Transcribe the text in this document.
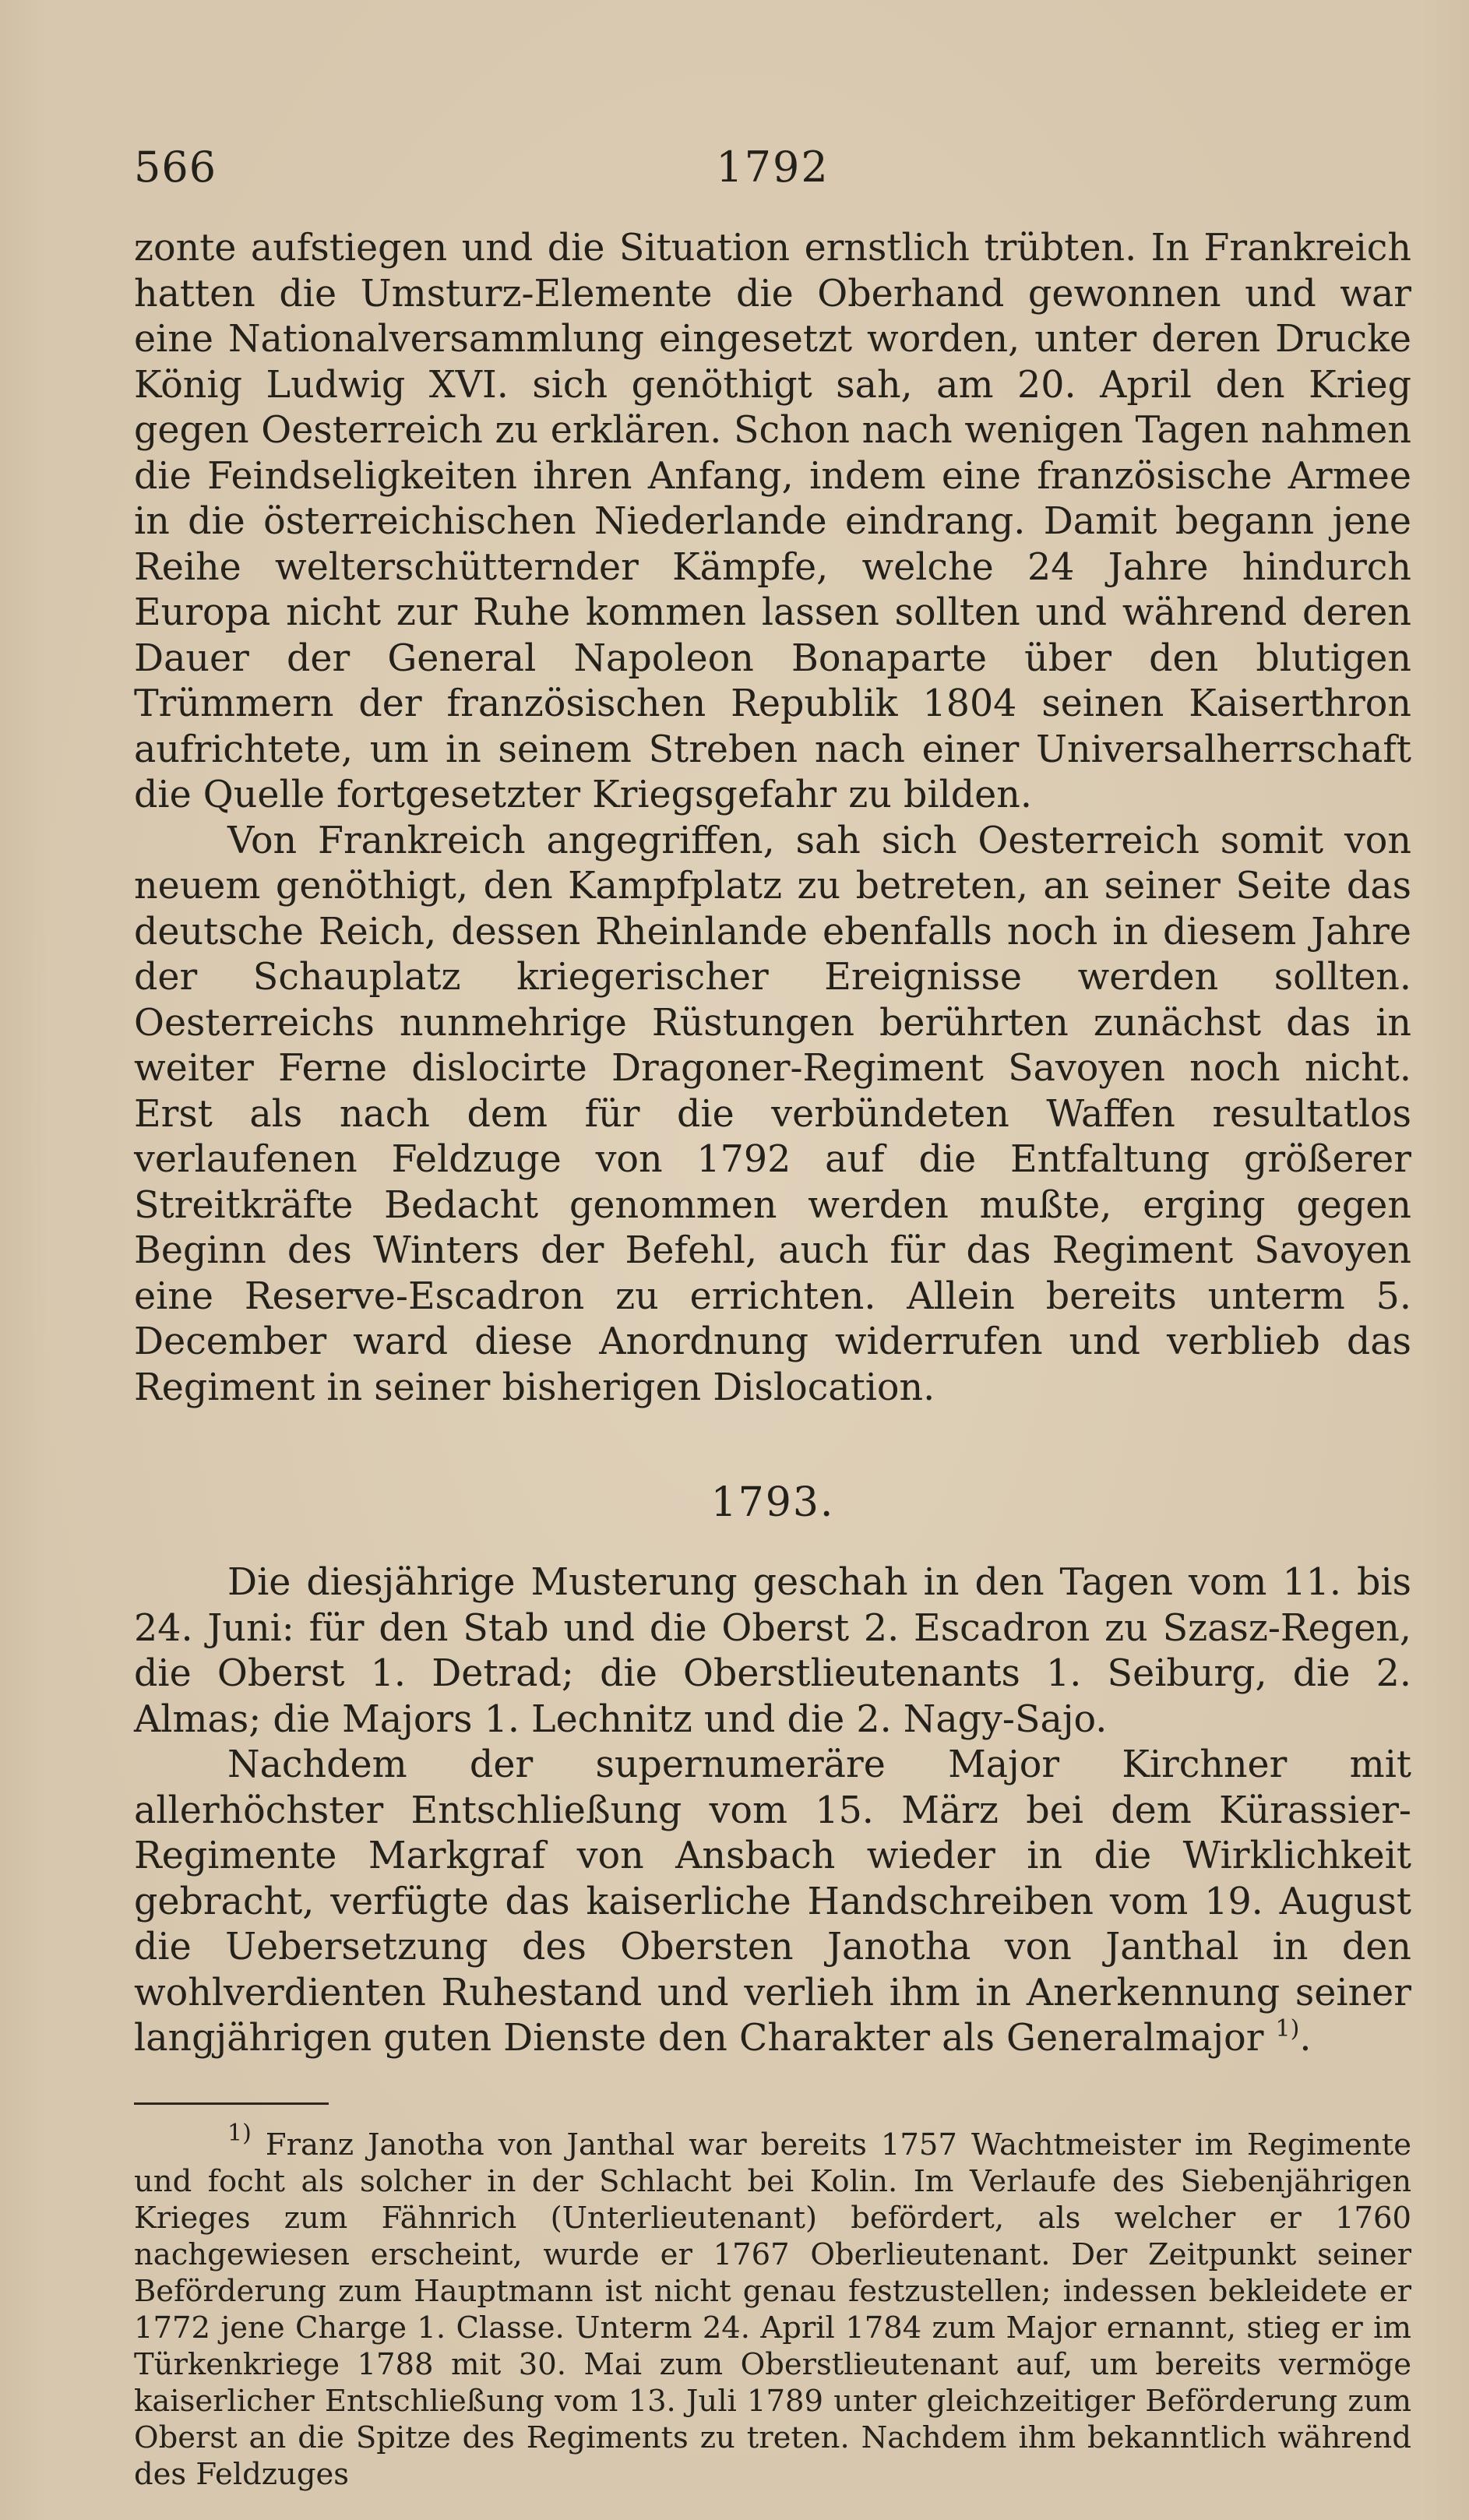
566	1792

zonte aufstiegen und die Situation ernstlich trübten. In Frankreich hatten die Umsturz-Elemente die Oberhand gewonnen und war eine Nationalversammlung eingesetzt worden, unter deren Drucke König Ludwig XVI. sich genöthigt sah, am 20. April den Krieg gegen Oesterreich zu erklären. Schon nach wenigen Tagen nahmen die Feindseligkeiten ihren Anfang, indem eine französische Armee in die österreichischen Niederlande eindrang. Damit begann jene Reihe welterschütternder Kämpfe, welche 24 Jahre hindurch Europa nicht zur Ruhe kommen lassen sollten und während deren Dauer der General Napoleon Bonaparte über den blutigen Trümmern der französischen Republik 1804 seinen Kaiserthron aufrichtete, um in seinem Streben nach einer Universalherrschaft die Quelle fortgesetzter Kriegsgefahr zu bilden.

Von Frankreich angegriffen, sah sich Oesterreich somit von neuem genöthigt, den Kampfplatz zu betreten, an seiner Seite das deutsche Reich, dessen Rheinlande ebenfalls noch in diesem Jahre der Schauplatz kriegerischer Ereignisse werden sollten. Oesterreichs nunmehrige Rüstungen berührten zunächst das in weiter Ferne dislocirte Dragoner-Regiment Savoyen noch nicht. Erst als nach dem für die verbündeten Waffen resultatlos verlaufenen Feldzuge von 1792 auf die Entfaltung größerer Streitkräfte Bedacht genommen werden mußte, erging gegen Beginn des Winters der Befehl, auch für das Regiment Savoyen eine Reserve-Escadron zu errichten. Allein bereits unterm 5. December ward diese Anordnung widerrufen und verblieb das Regiment in seiner bisherigen Dislocation.

1793.

Die diesjährige Musterung geschah in den Tagen vom 11. bis 24. Juni: für den Stab und die Oberst 2. Escadron zu Szasz-Regen, die Oberst 1. Detrad; die Oberstlieutenants 1. Seiburg, die 2. Almas; die Majors 1. Lechnitz und die 2. Nagy-Sajo.

Nachdem der supernumeräre Major Kirchner mit allerhöchster Entschließung vom 15. März bei dem Kürassier-Regimente Markgraf von Ansbach wieder in die Wirklichkeit gebracht, verfügte das kaiserliche Handschreiben vom 19. August die Uebersetzung des Obersten Janotha von Janthal in den wohlverdienten Ruhestand und verlieh ihm in Anerkennung seiner langjährigen guten Dienste den Charakter als Generalmajor $^{1)}$.

$^{1)}$ Franz Janotha von Janthal war bereits 1757 Wachtmeister im Regimente und focht als solcher in der Schlacht bei Kolin. Im Verlaufe des Siebenjährigen Krieges zum Fähnrich (Unterlieutenant) befördert, als welcher er 1760 nachgewiesen erscheint, wurde er 1767 Oberlieutenant. Der Zeitpunkt seiner Beförderung zum Hauptmann ist nicht genau festzustellen; indessen bekleidete er 1772 jene Charge 1. Classe. Unterm 24. April 1784 zum Major ernannt, stieg er im Türkenkriege 1788 mit 30. Mai zum Oberstlieutenant auf, um bereits vermöge kaiserlicher Entschließung vom 13. Juli 1789 unter gleichzeitiger Beförderung zum Oberst an die Spitze des Regiments zu treten. Nachdem ihm bekanntlich während des Feldzuges
